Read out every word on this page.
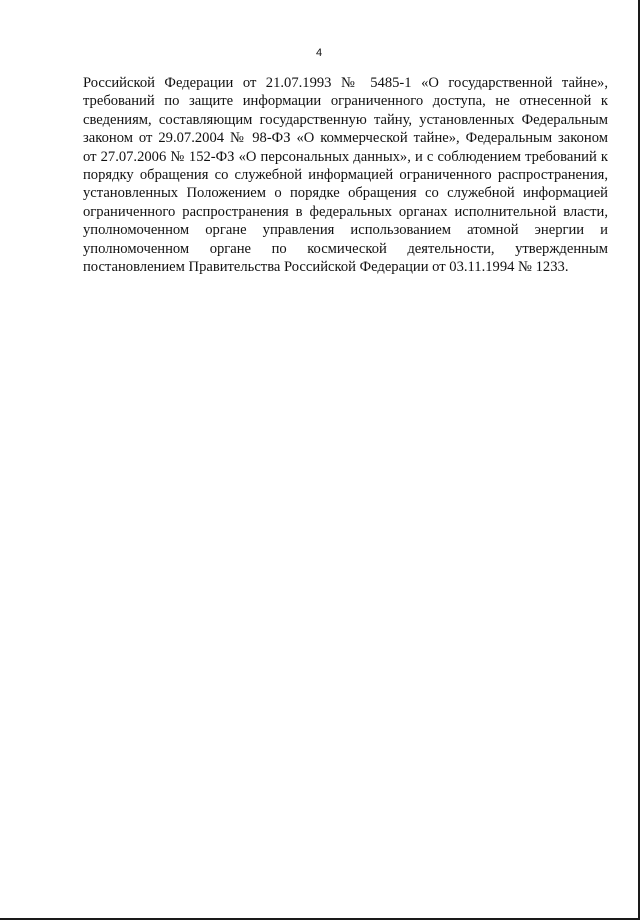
4
Российской Федерации от 21.07.1993 № 5485-1 «О государственной тайне»,
требований по защите информации ограниченного доступа, не отнесенной к
сведениям, составляющим государственную тайну, установленных Федеральным
законом от 29.07.2004 № 98-ФЗ «О коммерческой тайне», Федеральным законом
от 27.07.2006 № 152-ФЗ «О персональных данных», и с соблюдением требований к
порядку обращения со служебной информацией ограниченного распространения,
установленных Положением о порядке обращения со служебной информацией
ограниченного распространения в федеральных органах исполнительной власти,
уполномоченном органе управления использованием атомной энергии и
уполномоченном органе по космической деятельности, утвержденным
постановлением Правительства Российской Федерации от 03.11.1994 № 1233.
